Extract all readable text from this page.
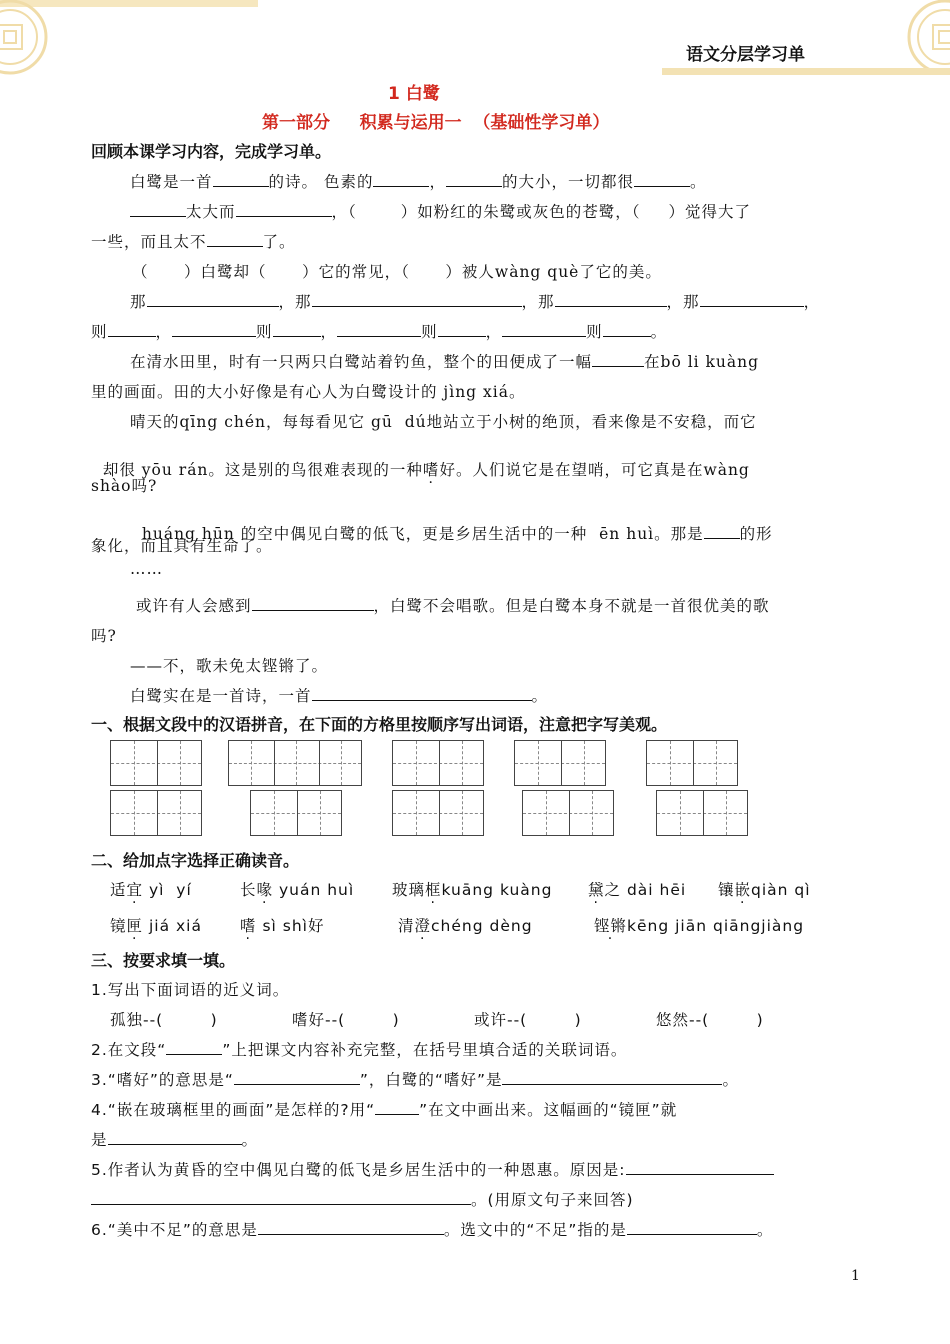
语文分层学习单
1 白鹭
第一部分     积累与运用一  （基础性学习单）
回顾本课学习内容，完成学习单。
白鹭是一首	的诗。 色素的	，	的大小，一切都很	。
太大而	，（	）如粉红的朱鹭或灰色的苍鹭，（ ）觉得大了
一些，而且太不	了。
（      ）白鹭却（      ）它的常见，（      ）被人wàng què了它的美。
那	，那	，那	，那	，
则	，	则	，	则	，	则	。
在清水田里，时有一只两只白鹭站着钓鱼，整个的田便成了一幅	在bō li kuàng
里的画面。田的大小好像是有心人为白鹭设计的 jìng xiá。
晴天的qīng chén，每每看见它 gū  dú地站立于小树的绝顶，看来像是不安稳，而它

却很 yōu rán。这是别的鸟很难表现的一种嗜好。人们说它是在望哨，可它真是在wàng

shào吗?

huáng hūn 的空中偶见白鹭的低飞，更是乡居生活中的一种  ēn huì。那是 的形

象化，而且具有生命了。
……
或许有人会感到	，白鹭不会唱歌。但是白鹭本身不就是一首很优美的歌
吗?
——不，歌未免太铿锵了。
白鹭实在是一首诗，一首	。
一、根据文段中的汉语拼音，在下面的方格里按顺序写出词语，注意把字写美观。
二、给加点字选择正确读音。
适宜 yì  yí	长喙 yuán huì 玻璃框kuāng kuàng 黛之 dài hēi 镶嵌qiàn qì
镜匣 jiá xiá 嗜 sì shì好	清澄chéng dèng	铿锵kēng jiān qiāngjiàng
三、按要求填一填。
1.写出下面词语的近义词。
孤独--(        )	嗜好--(        )	或许--(        )	悠然--(        )
2.在文段“	”上把课文内容补充完整，在括号里填合适的关联词语。
3.“嗜好”的意思是“	”，白鹭的“嗜好”是	。
4.“嵌在玻璃框里的画面”是怎样的?用“	”在文中画出来。这幅画的“镜匣”就
是	。
5.作者认为黄昏的空中偶见白鹭的低飞是乡居生活中的一种恩惠。原因是:
。(用原文句子来回答)
6.“美中不足”的意思是	。选文中的“不足”指的是	。
1
